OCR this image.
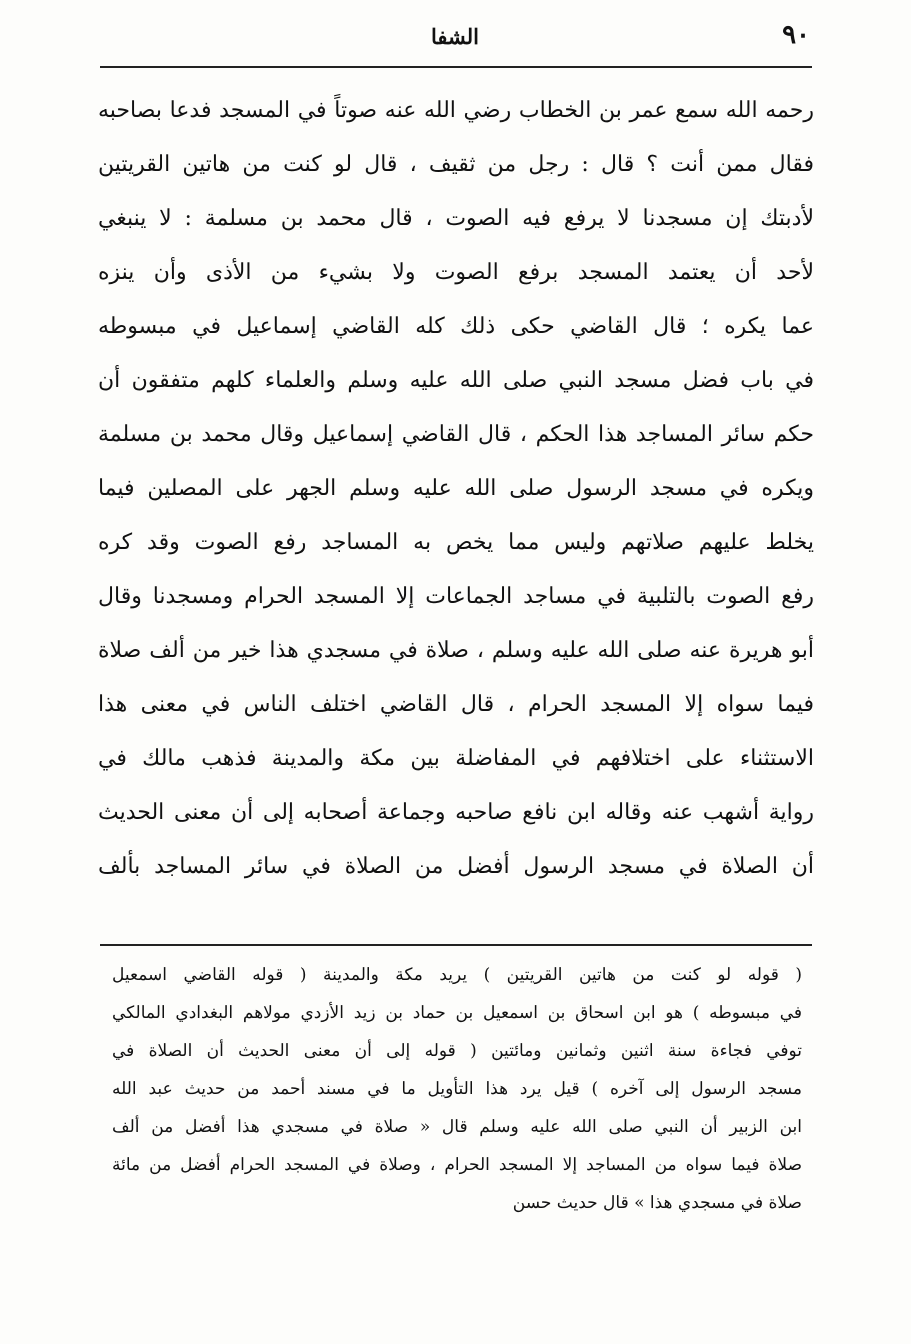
٩٠
الشفا
رحمه الله سمع عمر بن الخطاب رضي الله عنه صوتاً في المسجد فدعا بصاحبه
فقال ممن أنت ؟ قال : رجل من ثقيف ، قال لو كنت من هاتين القريتين
لأدبتك إن مسجدنا لا يرفع فيه الصوت ، قال محمد بن مسلمة : لا ينبغي
لأحد أن يعتمد المسجد برفع الصوت ولا بشيء من الأذى وأن ينزه
عما يكره ؛ قال القاضي حكى ذلك كله القاضي إسماعيل في مبسوطه
في باب فضل مسجد النبي صلى الله عليه وسلم والعلماء كلهم متفقون أن
حكم سائر المساجد هذا الحكم ، قال القاضي إسماعيل وقال محمد بن مسلمة
ويكره في مسجد الرسول صلى الله عليه وسلم الجهر على المصلين فيما
يخلط عليهم صلاتهم وليس مما يخص به المساجد رفع الصوت وقد كره
رفع الصوت بالتلبية في مساجد الجماعات إلا المسجد الحرام ومسجدنا وقال
أبو هريرة عنه صلى الله عليه وسلم ، صلاة في مسجدي هذا خير من ألف صلاة
فيما سواه إلا المسجد الحرام ، قال القاضي اختلف الناس في معنى هذا
الاستثناء على اختلافهم في المفاضلة بين مكة والمدينة فذهب مالك في
رواية أشهب عنه وقاله ابن نافع صاحبه وجماعة أصحابه إلى أن معنى الحديث
أن الصلاة في مسجد الرسول أفضل من الصلاة في سائر المساجد بألف
( قوله لو كنت من هاتين القريتين ) يريد مكة والمدينة ( قوله القاضي اسمعيل
في مبسوطه ) هو ابن اسحاق بن اسمعيل بن حماد بن زيد الأزدي مولاهم البغدادي المالكي
توفي فجاءة سنة اثنين وثمانين ومائتين ( قوله إلى أن معنى الحديث أن الصلاة في
مسجد الرسول إلى آخره ) قيل يرد هذا التأويل ما في مسند أحمد من حديث عبد الله
ابن الزبير أن النبي صلى الله عليه وسلم قال « صلاة في مسجدي هذا أفضل من ألف
صلاة فيما سواه من المساجد إلا المسجد الحرام ، وصلاة في المسجد الحرام أفضل من مائة
صلاة في مسجدي هذا » قال حديث حسن
